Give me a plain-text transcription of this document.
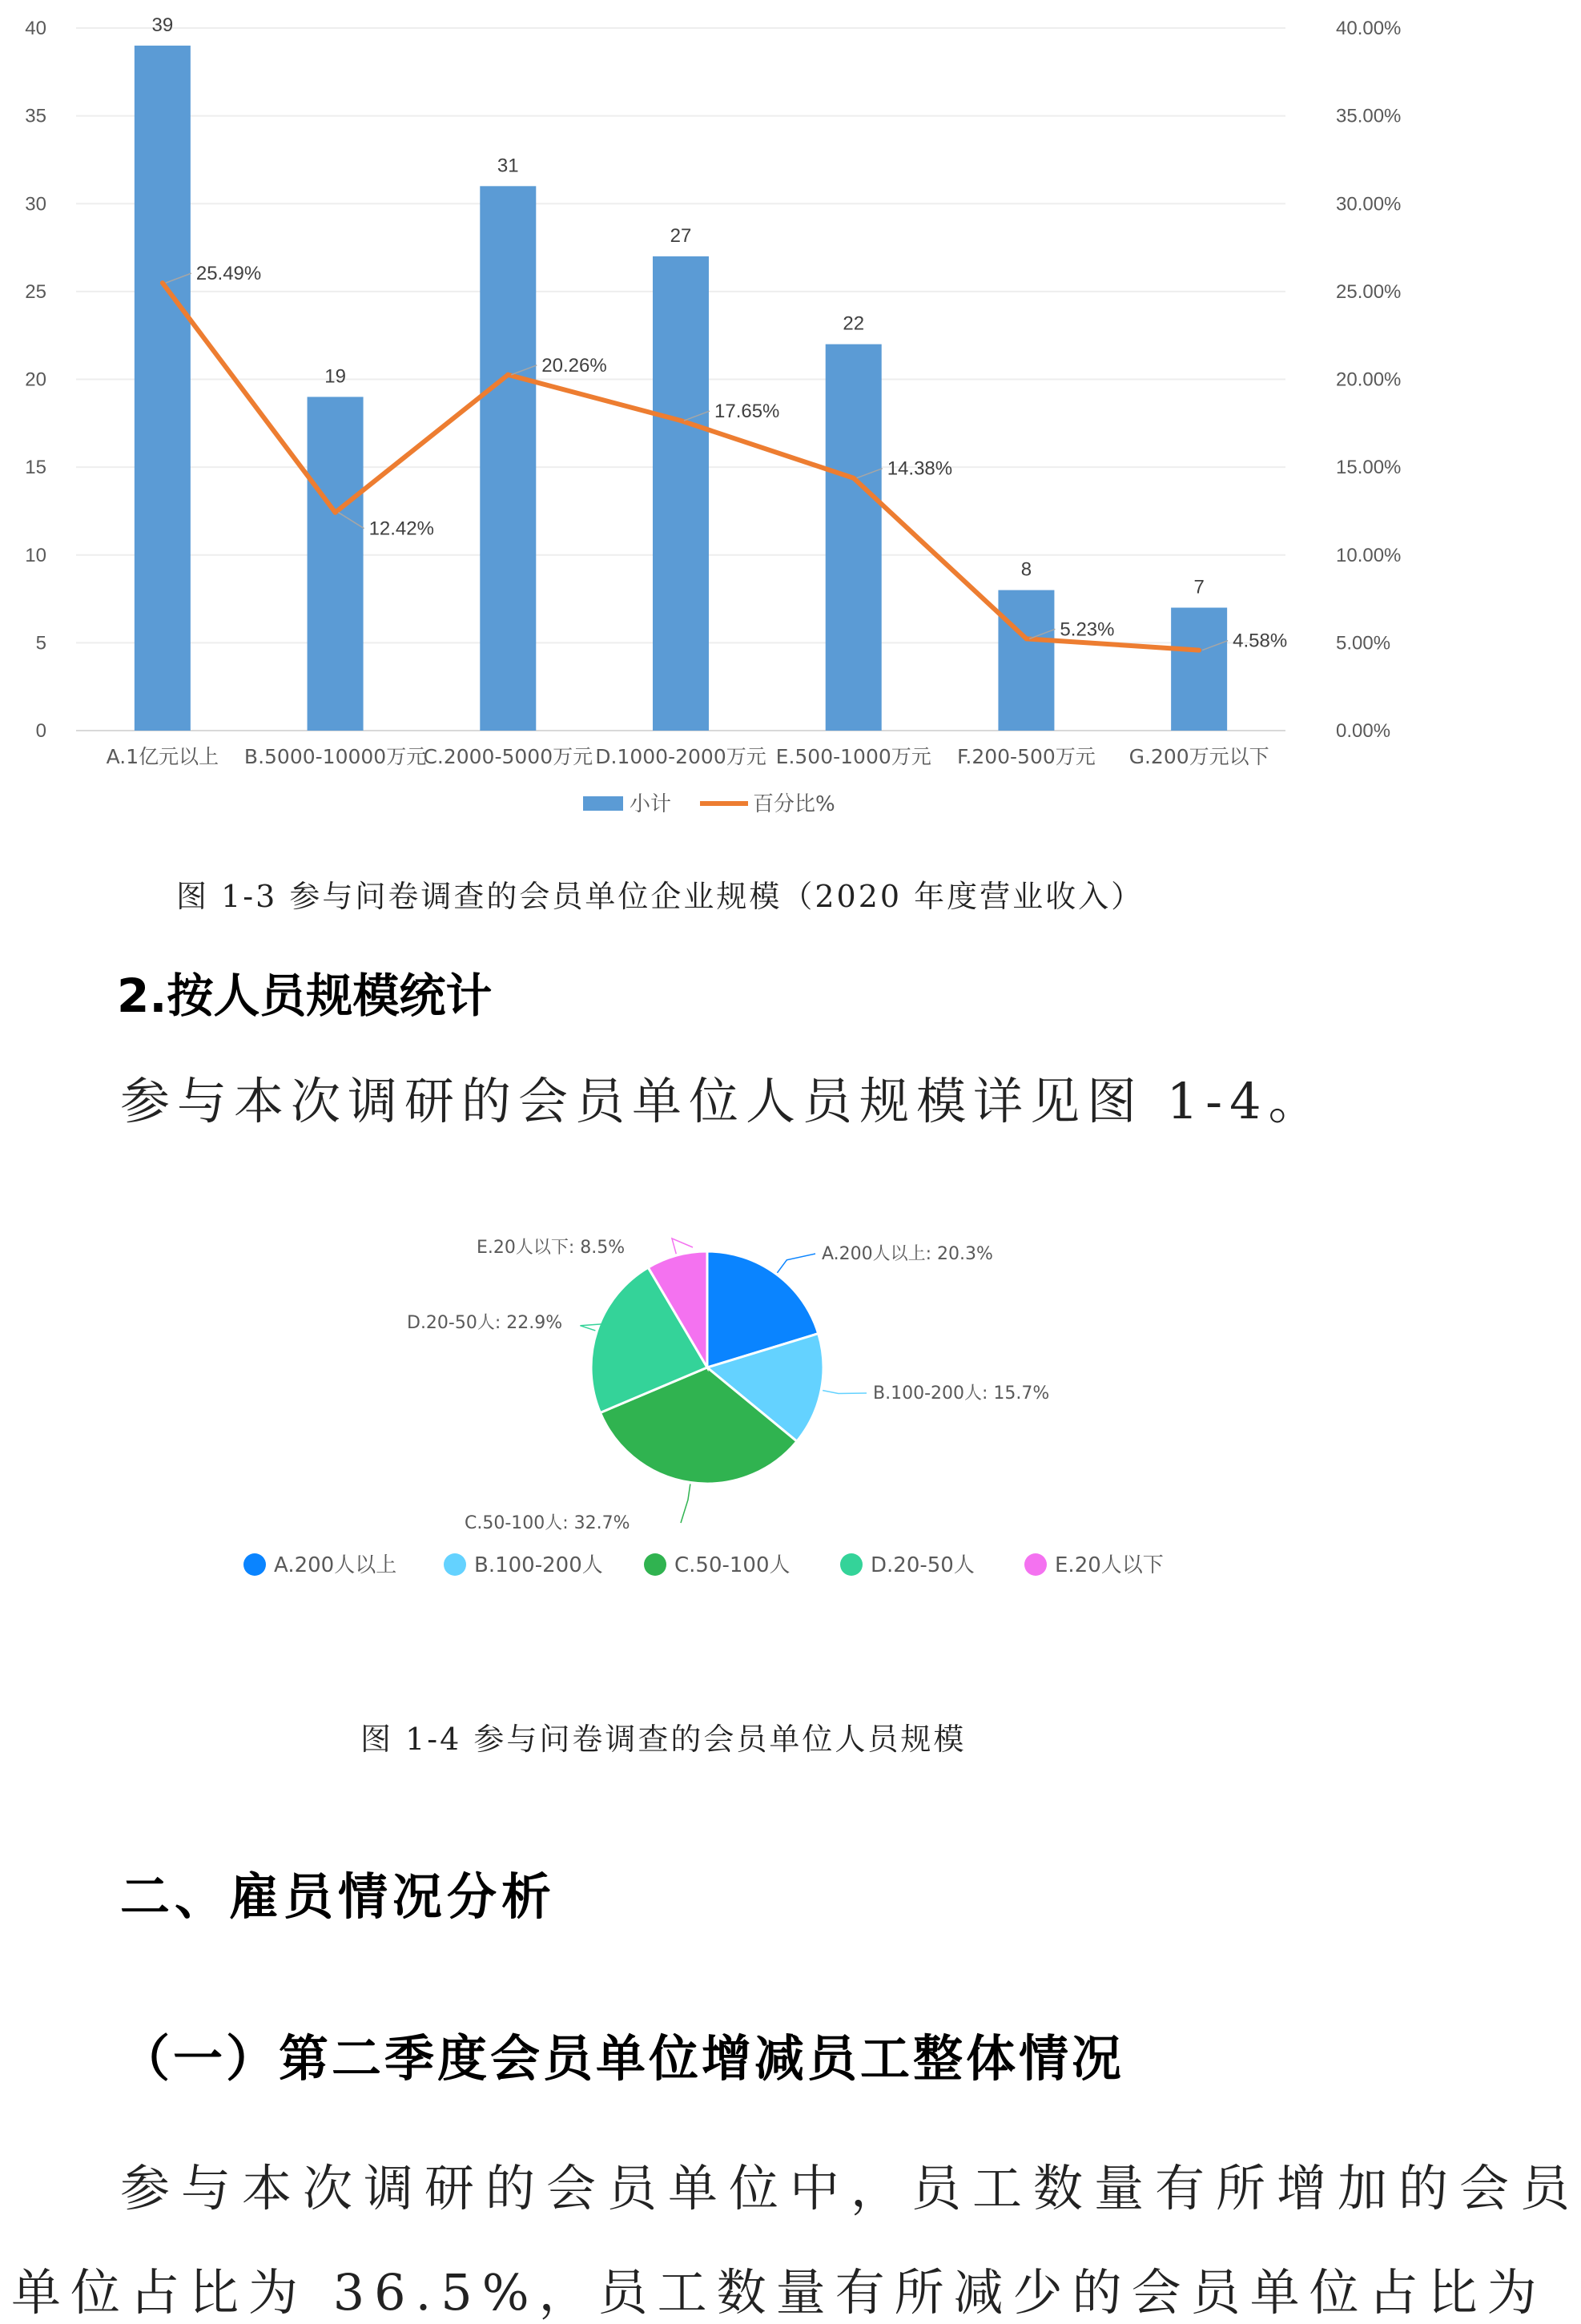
0
5
10
15
20
25
30
35
40
0.00%
5.00%
10.00%
15.00%
20.00%
25.00%
30.00%
35.00%
40.00%
39
19
31
27
22
8
7
25.49%
12.42%
20.26%
17.65%
14.38%
5.23%
4.58%
A.1亿元以上 B.5000-10000万元
C.2000-5000万元 D.1000-2000万元 E.500-1000万元 F.200-500万元 G.200万元以下
小计	百分比%
图 1-3 参与问卷调查的会员单位企业规模（2020 年度营业收入）
2.按人员规模统计
参与本次调研的会员单位人员规模详见图 1-4。
A.200人以上: 20.3%
B.100-200人: 15.7%
C.50-100人: 32.7%
D.20-50人: 22.9%
E.20人以下: 8.5%
A.200人以上	B.100-200人	C.50-100人	D.20-50人	E.20人以下
图 1-4 参与问卷调查的会员单位人员规模
二、雇员情况分析
（一）第二季度会员单位增减员工整体情况
参与本次调研的会员单位中，员工数量有所增加的会员
单位占比为 36.5%，员工数量有所减少的会员单位占比为
